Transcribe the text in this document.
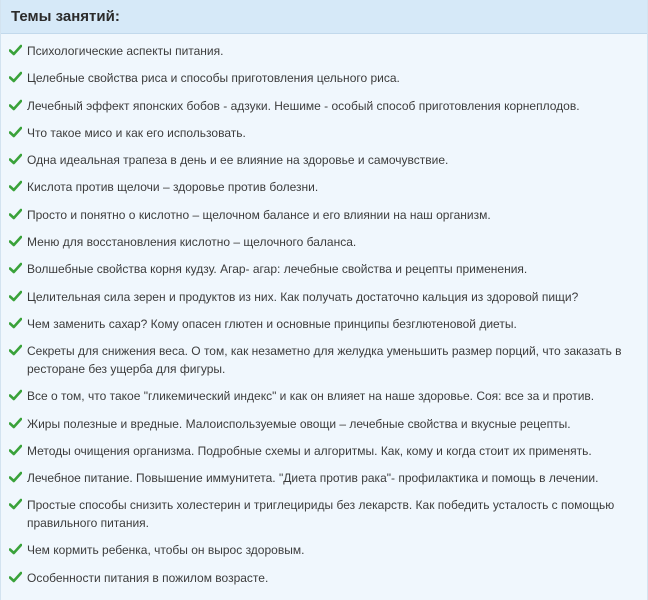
Темы занятий:
Психологические аспекты питания.
Целебные свойства риса и способы приготовления цельного риса.
Лечебный эффект японских бобов - адзуки. Нешиме - особый способ приготовления корнеплодов.
Что такое мисо и как его использовать.
Одна идеальная трапеза в день и ее влияние на здоровье и самочувствие.
Кислота против щелочи – здоровье против болезни.
Просто и понятно о кислотно – щелочном балансе и его влиянии на наш организм.
Меню для восстановления кислотно – щелочного баланса.
Волшебные свойства корня кудзу. Агар- агар: лечебные свойства и рецепты применения.
Целительная сила зерен и продуктов из них. Как получать достаточно кальция из здоровой пищи?
Чем заменить сахар? Кому опасен глютен и основные принципы безглютеновой диеты.
Секреты для снижения веса. О том, как незаметно для желудка уменьшить размер порций, что заказать в ресторане без ущерба для фигуры.
Все о том, что такое "гликемический индекс" и как он влияет на наше здоровье. Соя: все за и против.
Жиры полезные и вредные. Малоиспользуемые овощи – лечебные свойства и вкусные рецепты.
Методы очищения организма. Подробные схемы и алгоритмы. Как, кому и когда стоит их применять.
Лечебное питание. Повышение иммунитета. "Диета против рака"- профилактика и помощь в лечении.
Простые способы снизить холестерин и триглецириды без лекарств. Как победить усталость с помощью правильного питания.
Чем кормить ребенка, чтобы он вырос здоровым.
Особенности питания в пожилом возрасте.
